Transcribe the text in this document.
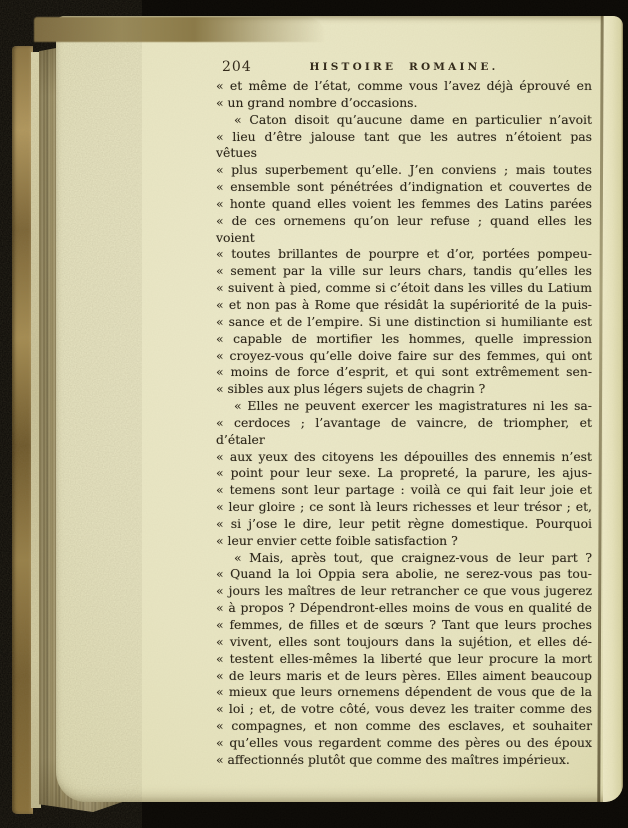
204	HISTOIRE ROMAINE.
« et même de l’état, comme vous l’avez déjà éprouvé en
« un grand nombre d’occasions.
« Caton disoit qu’aucune dame en particulier n’avoit
« lieu d’être jalouse tant que les autres n’étoient pas vêtues
« plus superbement qu’elle. J’en conviens ; mais toutes
« ensemble sont pénétrées d’indignation et couvertes de
« honte quand elles voient les femmes des Latins parées
« de ces ornemens qu’on leur refuse ; quand elles les voient
« toutes brillantes de pourpre et d’or, portées pompeu-
« sement par la ville sur leurs chars, tandis qu’elles les
« suivent à pied, comme si c’étoit dans les villes du Latium
« et non pas à Rome que résidât la supériorité de la puis-
« sance et de l’empire. Si une distinction si humiliante est
« capable de mortifier les hommes, quelle impression
« croyez-vous qu’elle doive faire sur des femmes, qui ont
« moins de force d’esprit, et qui sont extrêmement sen-
« sibles aux plus légers sujets de chagrin ?
« Elles ne peuvent exercer les magistratures ni les sa-
« cerdoces ; l’avantage de vaincre, de triompher, et d’étaler
« aux yeux des citoyens les dépouilles des ennemis n’est
« point pour leur sexe. La propreté, la parure, les ajus-
« temens sont leur partage : voilà ce qui fait leur joie et
« leur gloire ; ce sont là leurs richesses et leur trésor ; et,
« si j’ose le dire, leur petit règne domestique. Pourquoi
« leur envier cette foible satisfaction ?
« Mais, après tout, que craignez-vous de leur part ?
« Quand la loi Oppia sera abolie, ne serez-vous pas tou-
« jours les maîtres de leur retrancher ce que vous jugerez
« à propos ? Dépendront-elles moins de vous en qualité de
« femmes, de filles et de sœurs ? Tant que leurs proches
« vivent, elles sont toujours dans la sujétion, et elles dé-
« testent elles-mêmes la liberté que leur procure la mort
« de leurs maris et de leurs pères. Elles aiment beaucoup
« mieux que leurs ornemens dépendent de vous que de la
« loi ; et, de votre côté, vous devez les traiter comme des
« compagnes, et non comme des esclaves, et souhaiter
« qu’elles vous regardent comme des pères ou des époux
« affectionnés plutôt que comme des maîtres impérieux.
